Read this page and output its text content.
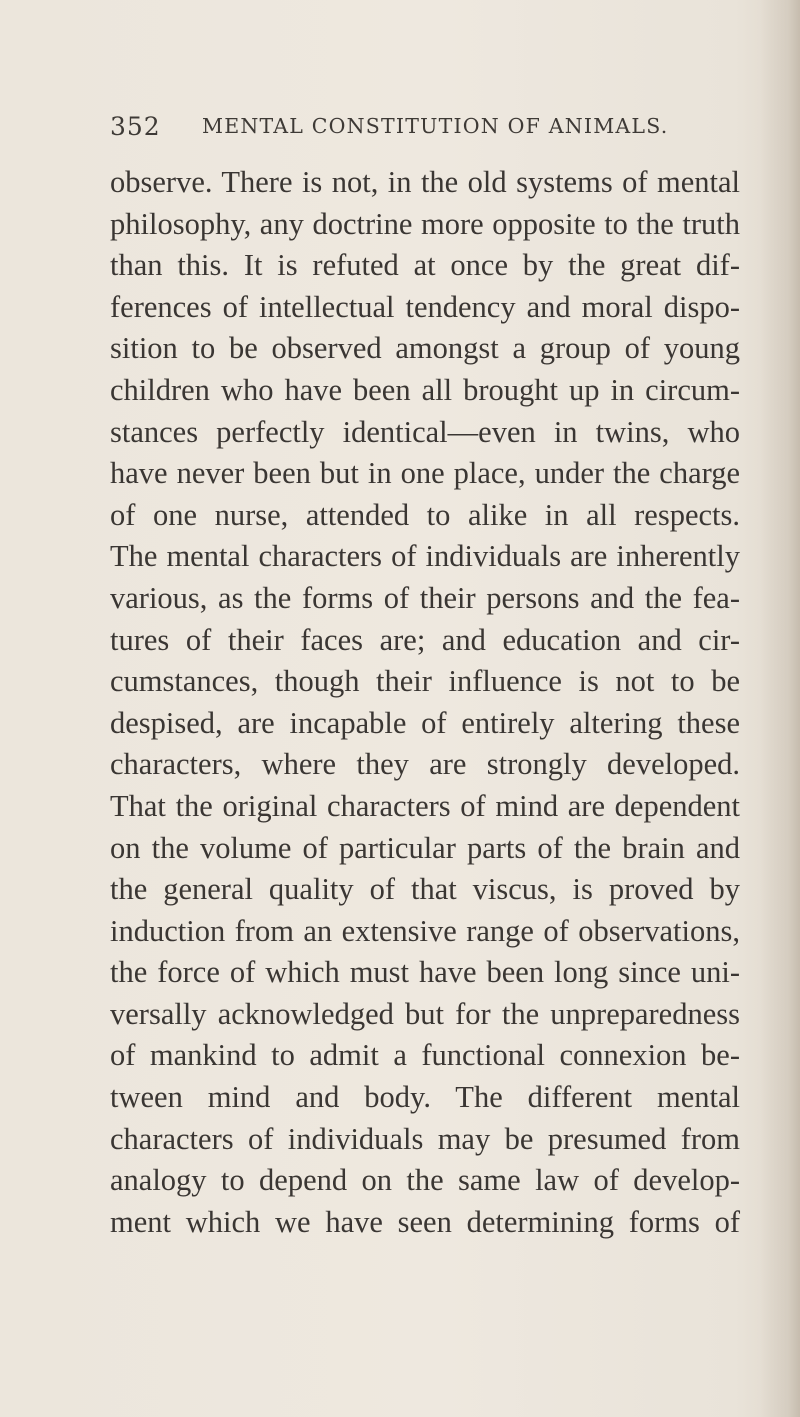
352	MENTAL CONSTITUTION OF ANIMALS.
observe. There is not, in the old systems of mental
philosophy, any doctrine more opposite to the truth
than this. It is refuted at once by the great dif-
ferences of intellectual tendency and moral dispo-
sition to be observed amongst a group of young
children who have been all brought up in circum-
stances perfectly identical—even in twins, who
have never been but in one place, under the charge
of one nurse, attended to alike in all respects.
The mental characters of individuals are inherently
various, as the forms of their persons and the fea-
tures of their faces are; and education and cir-
cumstances, though their influence is not to be
despised, are incapable of entirely altering these
characters, where they are strongly developed.
That the original characters of mind are dependent
on the volume of particular parts of the brain and
the general quality of that viscus, is proved by
induction from an extensive range of observations,
the force of which must have been long since uni-
versally acknowledged but for the unpreparedness
of mankind to admit a functional connexion be-
tween mind and body. The different mental
characters of individuals may be presumed from
analogy to depend on the same law of develop-
ment which we have seen determining forms of
